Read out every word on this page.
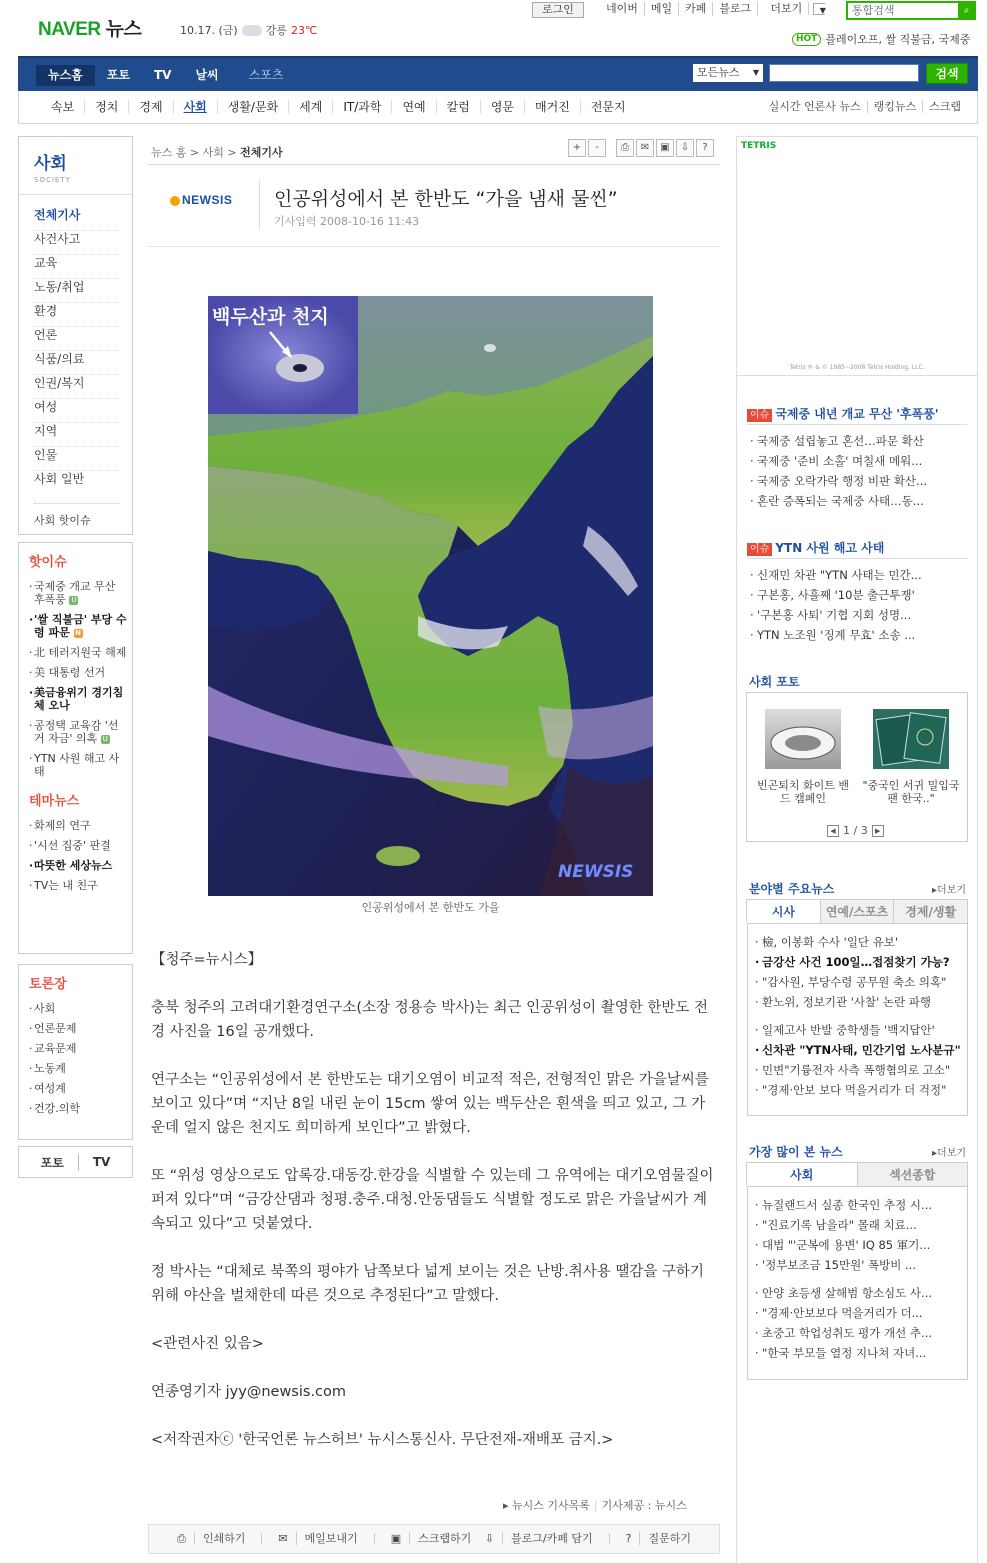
NAVER 뉴스	10.17. (금)	강릉 23℃
로그인	네이버	메일	카페	블로그	더보기 ▼	통합검색	⌕
HOT 플레이오프, 쌀 직불금, 국제중
뉴스홈	포토	TV	날씨	스포츠	모든뉴스 ▼	검색
속보	정치	경제	사회	생활/문화	세계	IT/과학	연예	칼럼	영문	매거진	전문지	실시간 언론사 뉴스	랭킹뉴스	스크랩
사회
SOCIETY
전체기사
사건사고
교육
노동/취업
환경
언론
식품/의료
인권/복지
여성
지역
인물
사회 일반
사회 핫이슈
핫이슈
· 국제중 개교 무산 후폭풍 U
· '쌀 직불금' 부당 수령 파문 N
· 北 테러지원국 해제
· 美 대통령 선거
· 美금융위기 경기침체 오나
· 공정택 교육감 '선거 자금' 의혹 U
· YTN 사원 해고 사태
테마뉴스
· 화제의 연구
· '시선 집중' 판결
· 따뜻한 세상뉴스
· TV는 내 친구
토론장
· 사회
· 언론문제
· 교육문제
· 노동계
· 여성계
· 건강.의학
포토	TV
뉴스 홈 > 사회 > 전체기사	+	-	⎙	✉	▣	⇩	?
NEWSIS 인공위성에서 본 한반도 “가을 냄새 물씬”
기사입력 2008-10-16 11:43
백두산과 천지
NEWSIS
인공위성에서 본 한반도 가을

【청주=뉴시스】

충북 청주의 고려대기환경연구소(소장 정용승 박사)는 최근 인공위성이 촬영한 한반도 전경 사진을 16일 공개했다.

연구소는 “인공위성에서 본 한반도는 대기오염이 비교적 적은, 전형적인 맑은 가을날씨를 보이고 있다”며 “지난 8일 내린 눈이 15cm 쌓여 있는 백두산은 흰색을 띄고 있고, 그 가운데 얼지 않은 천지도 희미하게 보인다”고 밝혔다.

또 “위성 영상으로도 압록강.대동강.한강을 식별할 수 있는데 그 유역에는 대기오염물질이 퍼져 있다”며 “금강산댐과 청평.충주.대청.안동댐들도 식별할 정도로 맑은 가을날씨가 계속되고 있다”고 덧붙였다.

정 박사는 “대체로 북쪽의 평야가 남쪽보다 넓게 보이는 것은 난방.취사용 땔감을 구하기 위해 야산을 벌채한데 따른 것으로 추정된다”고 말했다.

<관련사진 있음>

연종영기자 jyy@newsis.com

<저작권자ⓒ '한국언론 뉴스허브' 뉴시스통신사. 무단전재-재배포 금지.>

▸ 뉴시스 기사목록 | 기사제공 : 뉴시스
⎙ 인쇄하기	✉ 메일보내기	▣ 스크랩하기	⇩ 블로그/카페 담기	? 질문하기
TETRIS
Tetris ® & © 1985~2008 Tetris Holding, LLC.
이슈 국제중 내년 개교 무산 '후폭풍'
· 국제중 설립놓고 혼선…파문 확산
· 국제중 '준비 소홀' 며칠새 메워...
· 국제중 오락가락 행정 비판 확산...
· 혼란 증폭되는 국제중 사태…동...
이슈 YTN 사원 해고 사태
· 신재민 차관 "YTN 사태는 민간...
· 구본홍, 사흘째 '10분 출근투쟁'
· '구본홍 사퇴' 기협 지회 성명...
· YTN 노조원 '징계 무효' 소송 ...
사회 포토
빈곤퇴치 화이트 밴드 캠페인
"중국인 서귀 밀입국팬 한국.."
◀ 1 / 3	▶
분야별 주요뉴스	▸더보기
시사	연예/스포츠	경제/생활
· 檢, 이봉화 수사 '일단 유보'
· 금강산 사건 100일…접점찾기 가능?
· "감사원, 부당수령 공무원 축소 의혹"
· 환노위, 정보기관 '사찰' 논란 파행
· 일제고사 반발 중학생들 '백지답안'
· 신차관 "YTN사태, 민간기업 노사분규"
· 민변"기륭전자 사측 폭행혐의로 고소"
· "경제·안보 보다 먹을거리가 더 걱정"
가장 많이 본 뉴스	▸더보기
사회	섹션종합
· 뉴질랜드서 실종 한국인 추정 시...
· "진료기록 남을라" 몰래 치료...
· 대법 "'군복에 용변' IQ 85 軍기...
· '정부보조금 15만원' 폭방비 ...
· 안양 초등생 살해범 항소심도 사...
· "경제·안보보다 먹을거리가 더...
· 초중고 학업성취도 평가 개선 추...
· "한국 부모들 열정 지나쳐 자녀...
